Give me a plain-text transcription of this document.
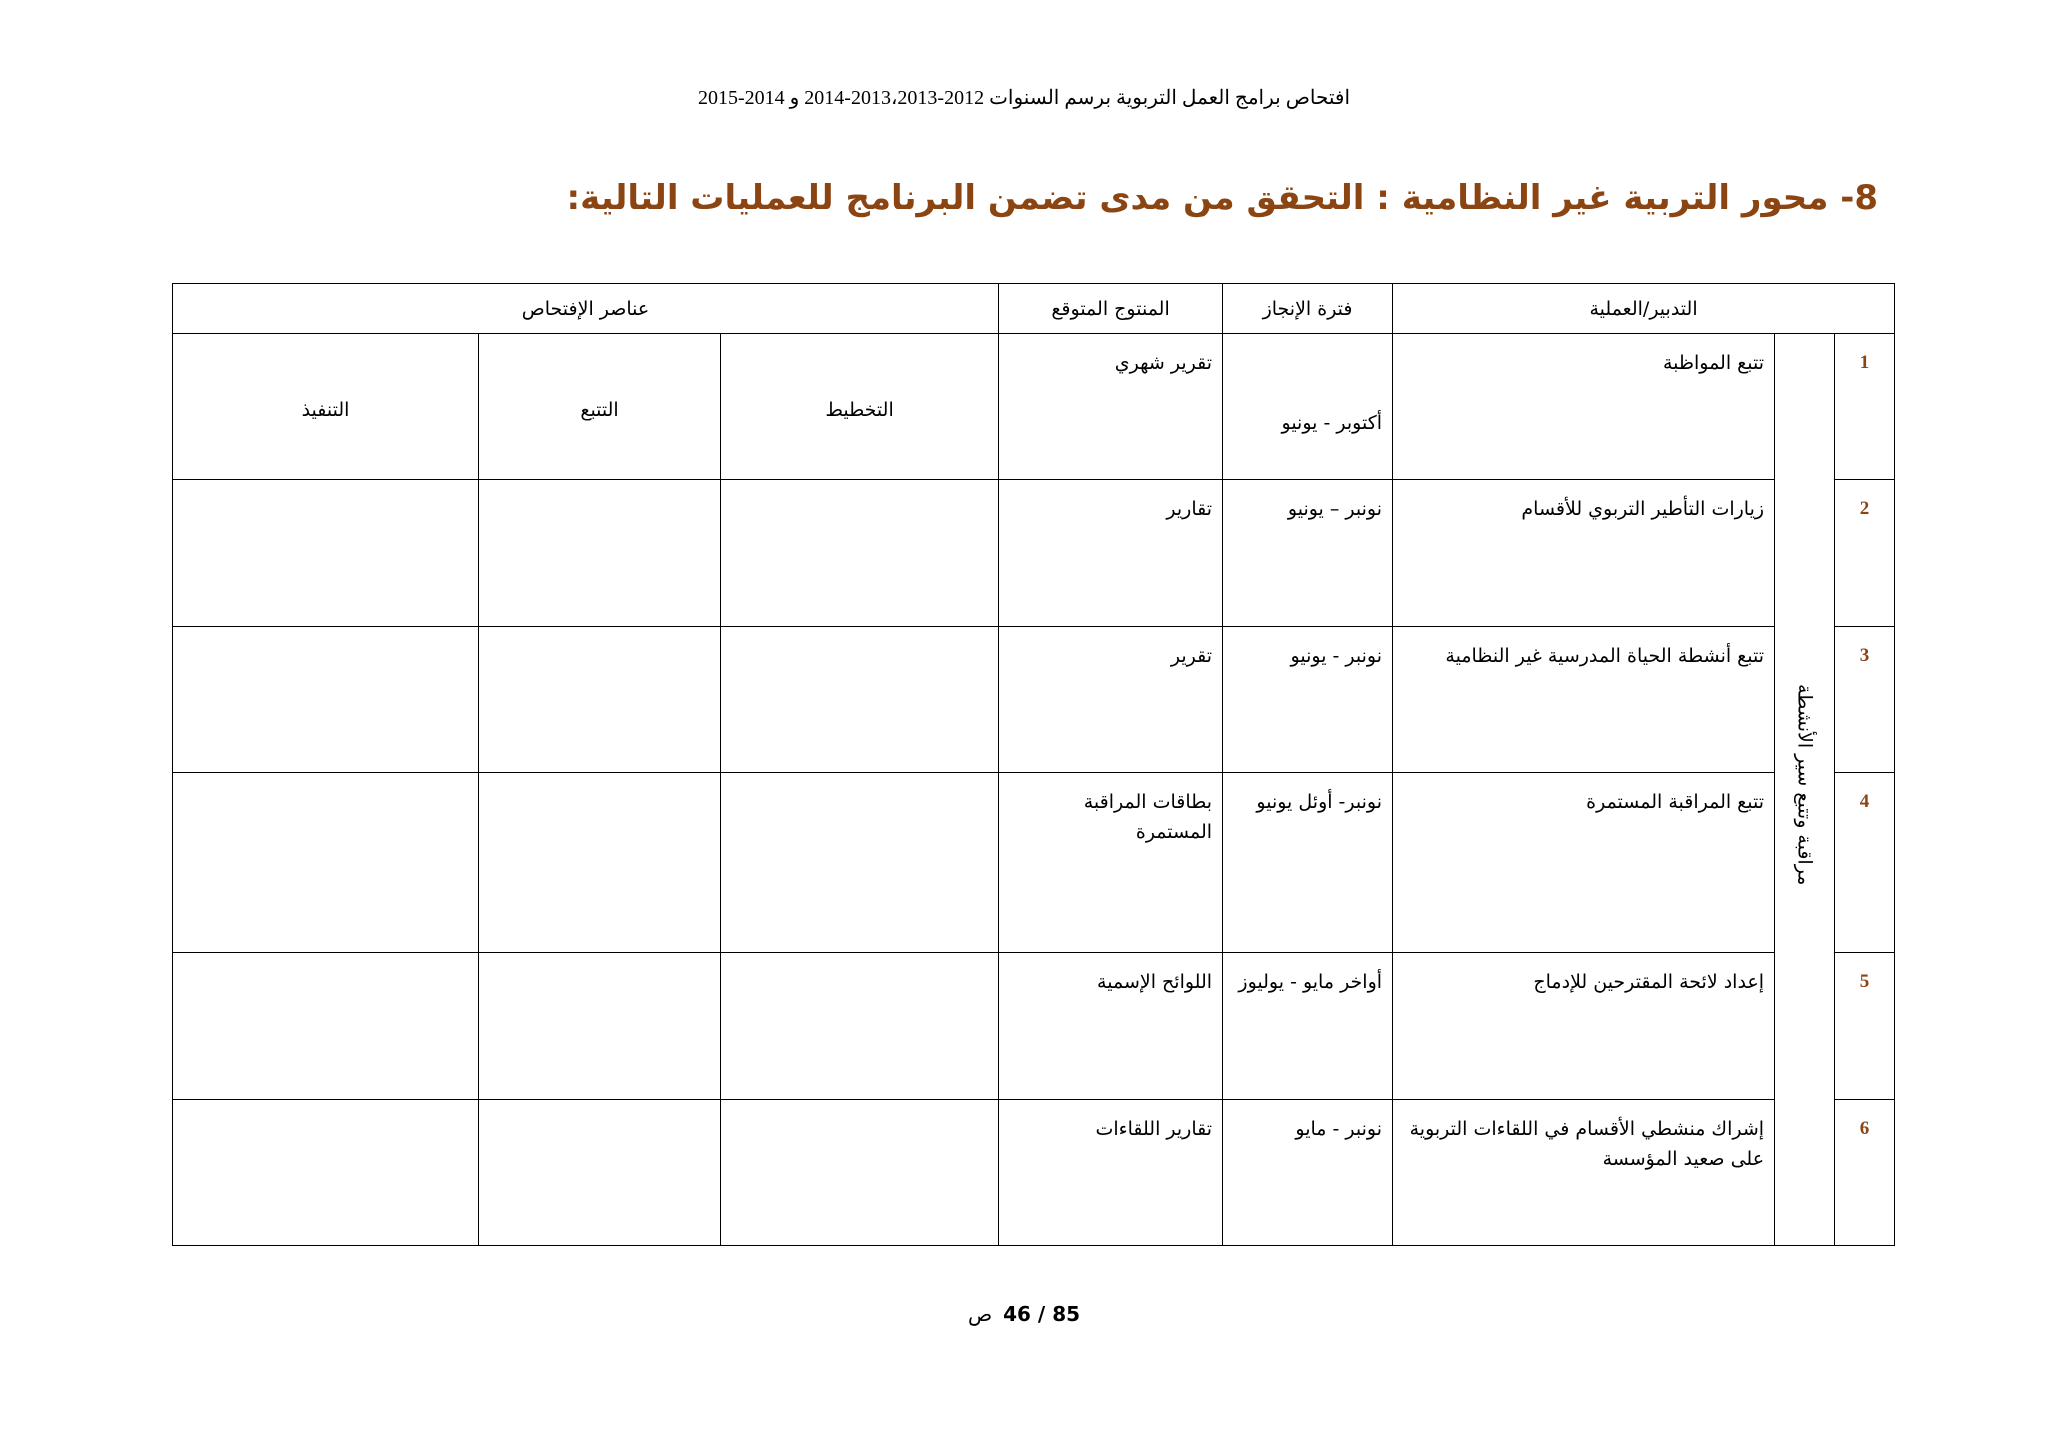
افتحاص برامج العمل التربوية برسم السنوات 2012-2013،2013-2014 و 2014-2015
8- محور التربية غير النظامية : التحقق من مدى تضمن البرنامج للعمليات التالية:
التدبير/العملية			فترة الإنجاز	المنتوج المتوقع	عناصر الإفتحاص		
1	مراقبة وتتبع سير الأنشطة	تتبع المواظبة	أكتوبر - يونيو	تقرير شهري	التخطيط	التتبع	التنفيذ
2		زيارات التأطير التربوي للأقسام	نونبر – يونيو	تقارير			
3		تتبع أنشطة الحياة المدرسية غير النظامية	نونبر - يونيو	تقرير			
4		تتبع المراقبة المستمرة	نونبر- أوئل يونيو	بطاقات المراقبة المستمرة			
5		إعداد لائحة المقترحين للإدماج	أواخر مايو - يوليوز	اللوائح الإسمية			
6		إشراك منشطي الأقسام في اللقاءات التربوية على صعيد المؤسسة	نونبر - مايو	تقارير اللقاءات			
85 / 46 ص
